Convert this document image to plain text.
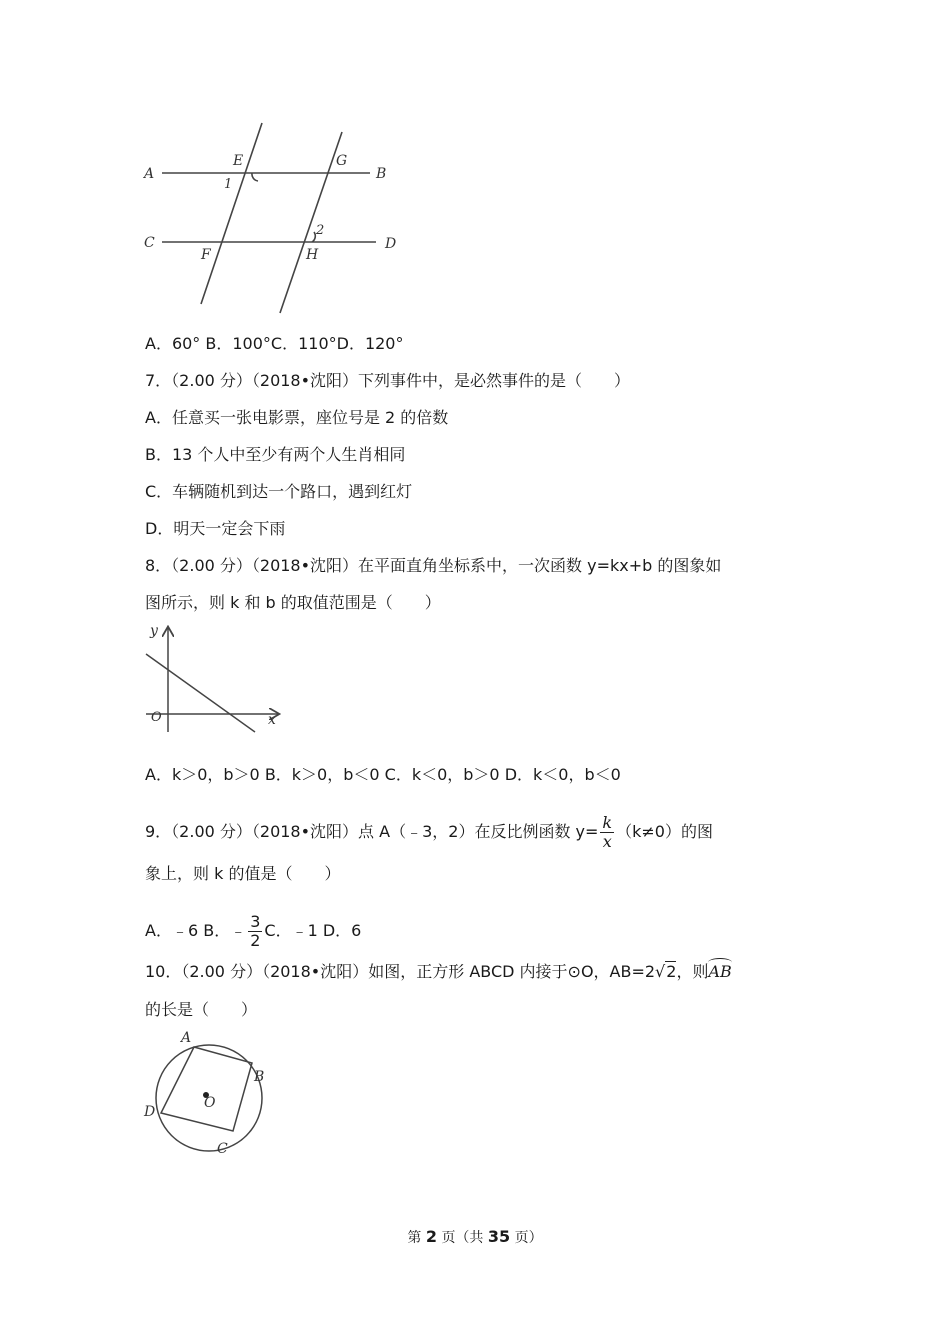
A
E	G
B
1
C
F
2
H
D
A．60° B．100°C．110°D．120°
7．（2.00 分）（2018•沈阳）下列事件中，是必然事件的是（　　）
A．任意买一张电影票，座位号是 2 的倍数
B．13 个人中至少有两个人生肖相同
C．车辆随机到达一个路口，遇到红灯
D．明天一定会下雨
8．（2.00 分）（2018•沈阳）在平面直角坐标系中，一次函数 y=kx+b 的图象如
图所示，则 k 和 b 的取值范围是（　　）
y
O	x
A．k＞0，b＞0 B．k＞0，b＜0 C．k＜0，b＞0 D．k＜0，b＜0
9．（2.00 分）（2018•沈阳）点 A（﹣3，2）在反比例函数 $y= \frac{k}{x} (k\ne 0)$的图
象上，则 k 的值是（　　）
A．﹣6 B．﹣ $\frac{3}{2}$ C．﹣1 D．6
10．（2.00 分）（2018•沈阳）如图，正方形 ABCD 内接于⊙O，AB=2√2，则AB
的长是（　　）
A
B
C
D
O
第 2 页（共 35 页）
